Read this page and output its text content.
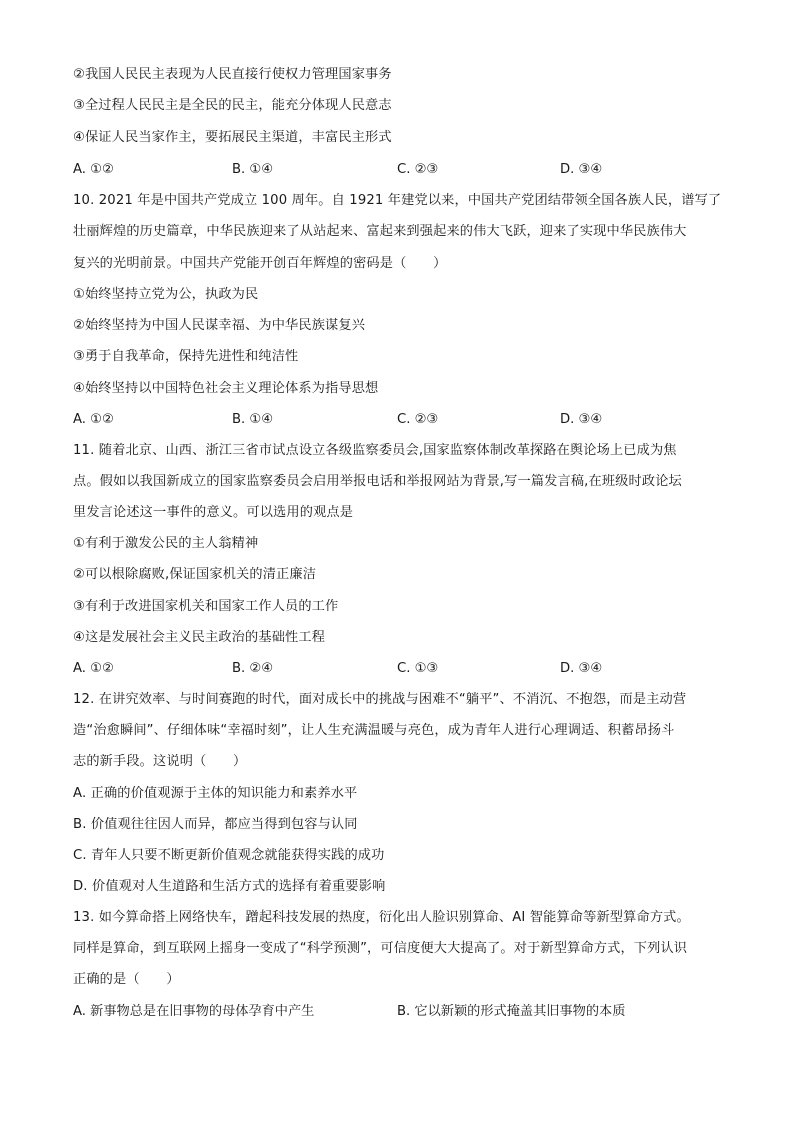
②我国人民民主表现为人民直接行使权力管理国家事务
③全过程人民民主是全民的民主，能充分体现人民意志
④保证人民当家作主，要拓展民主渠道，丰富民主形式
A. ①②	B. ①④	C. ②③	D. ③④
10. 2021 年是中国共产党成立 100 周年。自 1921 年建党以来，中国共产党团结带领全国各族人民，谱写了
壮丽辉煌的历史篇章，中华民族迎来了从站起来、富起来到强起来的伟大飞跃，迎来了实现中华民族伟大
复兴的光明前景。中国共产党能开创百年辉煌的密码是（　　）
①始终坚持立党为公，执政为民
②始终坚持为中国人民谋幸福、为中华民族谋复兴
③勇于自我革命，保持先进性和纯洁性
④始终坚持以中国特色社会主义理论体系为指导思想
A. ①②	B. ①④	C. ②③	D. ③④
11. 随着北京、山西、浙江三省市试点设立各级监察委员会,国家监察体制改革探路在舆论场上已成为焦
点。假如以我国新成立的国家监察委员会启用举报电话和举报网站为背景,写一篇发言稿,在班级时政论坛
里发言论述这一事件的意义。可以选用的观点是
①有利于激发公民的主人翁精神
②可以根除腐败,保证国家机关的清正廉洁
③有利于改进国家机关和国家工作人员的工作
④这是发展社会主义民主政治的基础性工程
A. ①②	B. ②④	C. ①③	D. ③④
12. 在讲究效率、与时间赛跑的时代，面对成长中的挑战与困难不“躺平”、不消沉、不抱怨，而是主动营
造“治愈瞬间”、仔细体味“幸福时刻”，让人生充满温暖与亮色，成为青年人进行心理调适、积蓄昂扬斗
志的新手段。这说明（　　）
A. 正确的价值观源于主体的知识能力和素养水平
B. 价值观往往因人而异，都应当得到包容与认同
C. 青年人只要不断更新价值观念就能获得实践的成功
D. 价值观对人生道路和生活方式的选择有着重要影响
13. 如今算命搭上网络快车，蹭起科技发展的热度，衍化出人脸识别算命、AI 智能算命等新型算命方式。
同样是算命，到互联网上摇身一变成了“科学预测”，可信度便大大提高了。对于新型算命方式，下列认识
正确的是（　　）
A. 新事物总是在旧事物的母体孕育中产生	B. 它以新颖的形式掩盖其旧事物的本质
